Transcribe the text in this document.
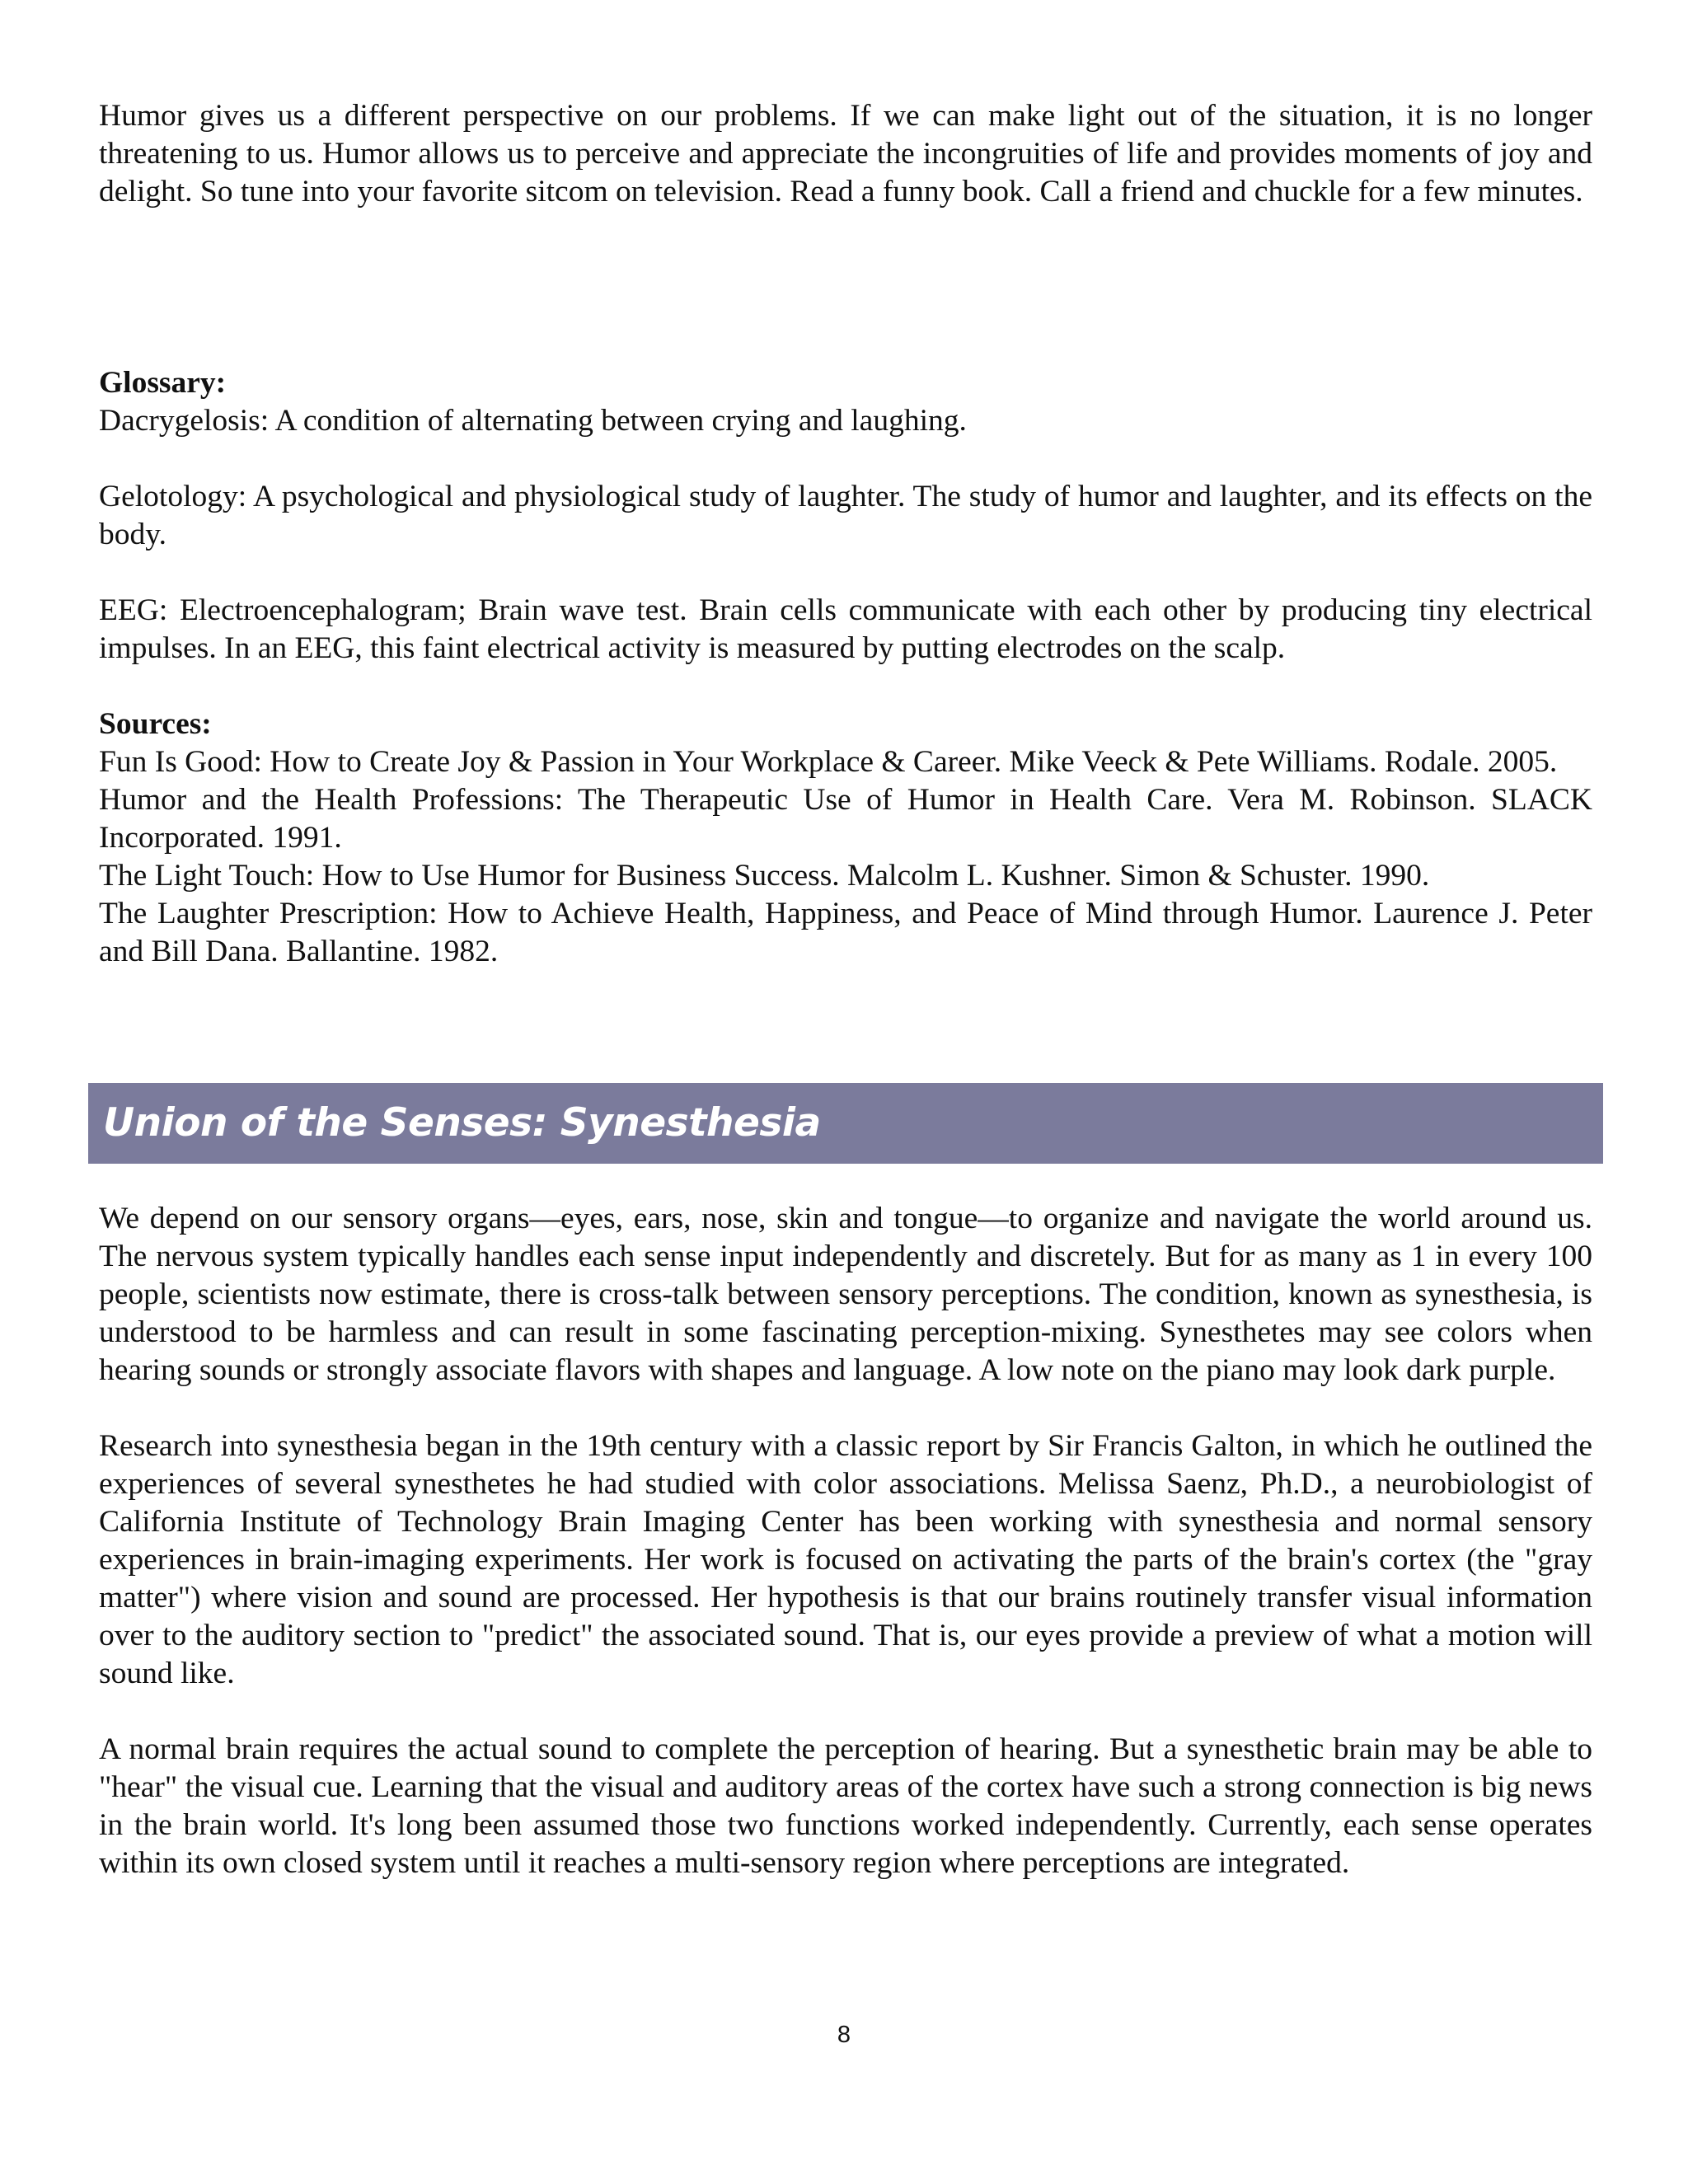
Humor gives us a different perspective on our problems. If we can make light out of the situation, it is no longer threatening to us. Humor allows us to perceive and appreciate the incongruities of life and provides moments of joy and delight. So tune into your favorite sitcom on television. Read a funny book. Call a friend and chuckle for a few minutes.

Glossary:

Dacrygelosis: A condition of alternating between crying and laughing.

Gelotology: A psychological and physiological study of laughter. The study of humor and laughter, and its effects on the body.

EEG: Electroencephalogram; Brain wave test. Brain cells communicate with each other by producing tiny electrical impulses. In an EEG, this faint electrical activity is measured by putting electrodes on the scalp.

Sources:

Fun Is Good: How to Create Joy & Passion in Your Workplace & Career. Mike Veeck & Pete Williams. Rodale. 2005.

Humor and the Health Professions: The Therapeutic Use of Humor in Health Care. Vera M. Robinson. SLACK Incorporated. 1991.

The Light Touch: How to Use Humor for Business Success. Malcolm L. Kushner. Simon & Schuster. 1990.

The Laughter Prescription: How to Achieve Health, Happiness, and Peace of Mind through Humor. Laurence J. Peter and Bill Dana. Ballantine. 1982.

Union of the Senses: Synesthesia

We depend on our sensory organs—eyes, ears, nose, skin and tongue—to organize and navigate the world around us. The nervous system typically handles each sense input independently and discretely. But for as many as 1 in every 100 people, scientists now estimate, there is cross-talk between sensory perceptions. The condition, known as synesthesia, is understood to be harmless and can result in some fascinating perception-mixing. Synesthetes may see colors when hearing sounds or strongly associate flavors with shapes and language. A low note on the piano may look dark purple.

Research into synesthesia began in the 19th century with a classic report by Sir Francis Galton, in which he outlined the experiences of several synesthetes he had studied with color associations. Melissa Saenz, Ph.D., a neurobiologist of California Institute of Technology Brain Imaging Center has been working with synesthesia and normal sensory experiences in brain-imaging experiments. Her work is focused on activating the parts of the brain's cortex (the "gray matter") where vision and sound are processed. Her hypothesis is that our brains routinely transfer visual information over to the auditory section to "predict" the associated sound. That is, our eyes provide a preview of what a motion will sound like.

A normal brain requires the actual sound to complete the perception of hearing. But a synesthetic brain may be able to "hear" the visual cue. Learning that the visual and auditory areas of the cortex have such a strong connection is big news in the brain world. It's long been assumed those two functions worked independently. Currently, each sense operates within its own closed system until it reaches a multi-sensory region where perceptions are integrated.

8
